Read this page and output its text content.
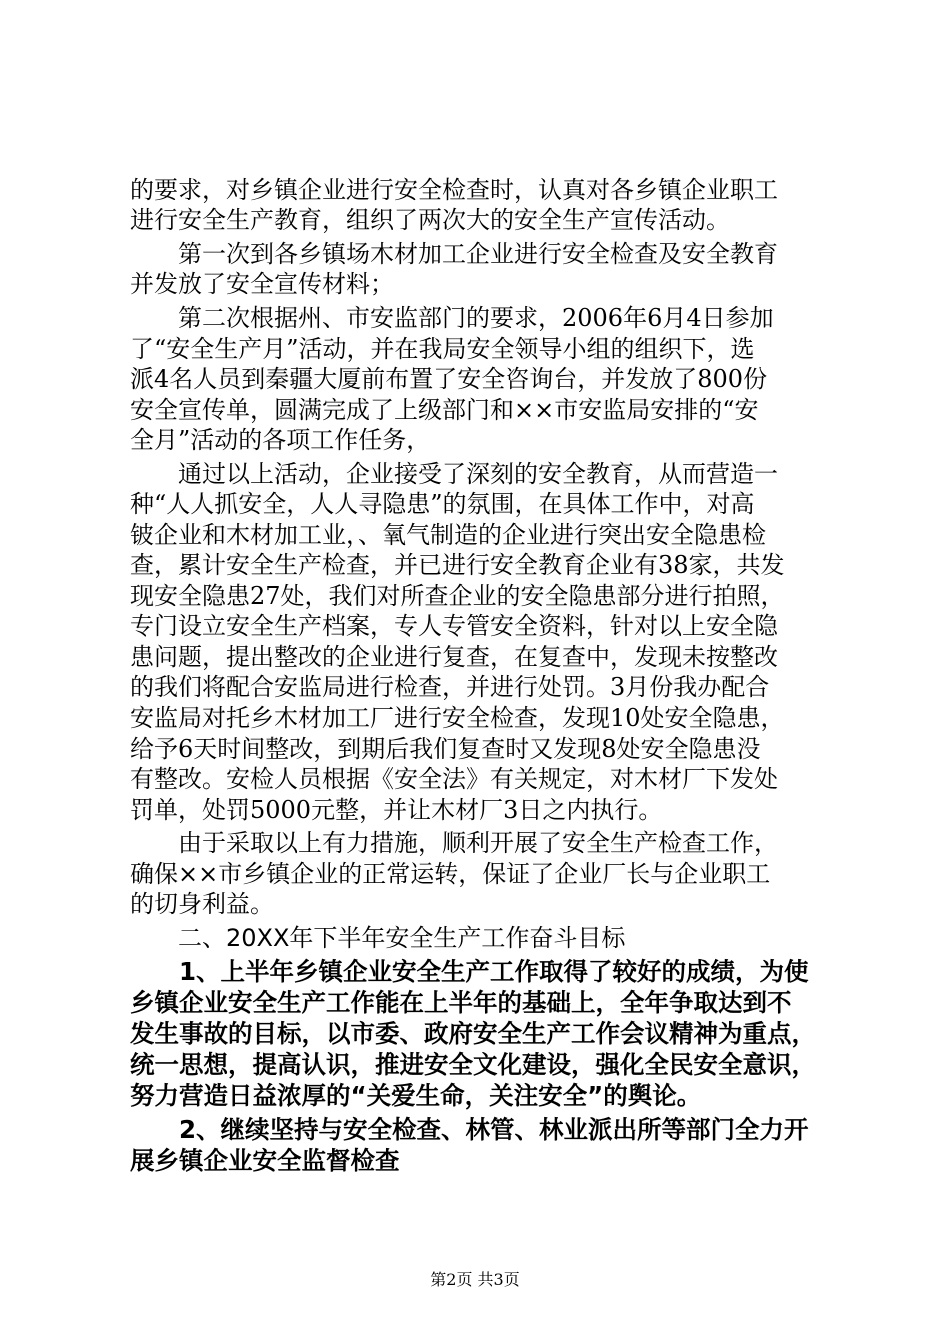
的要求，对乡镇企业进行安全检查时，认真对各乡镇企业职工
进行安全生产教育，组织了两次大的安全生产宣传活动。
　　第一次到各乡镇场木材加工企业进行安全检查及安全教育
并发放了安全宣传材料；
　　第二次根据州、市安监部门的要求，2006年6月4日参加
了“安全生产月”活动，并在我局安全领导小组的组织下，选
派4名人员到秦疆大厦前布置了安全咨询台，并发放了800份
安全宣传单，圆满完成了上级部门和××市安监局安排的“安
全月”活动的各项工作任务，
　　通过以上活动，企业接受了深刻的安全教育，从而营造一
种“人人抓安全，人人寻隐患”的氛围，在具体工作中，对高
铍企业和木材加工业，、氧气制造的企业进行突出安全隐患检
查，累计安全生产检查，并已进行安全教育企业有38家，共发
现安全隐患27处，我们对所查企业的安全隐患部分进行拍照，
专门设立安全生产档案，专人专管安全资料，针对以上安全隐
患问题，提出整改的企业进行复查，在复查中，发现未按整改
的我们将配合安监局进行检查，并进行处罚。3月份我办配合
安监局对托乡木材加工厂进行安全检查，发现10处安全隐患，
给予6天时间整改，到期后我们复查时又发现8处安全隐患没
有整改。安检人员根据《安全法》有关规定，对木材厂下发处
罚单，处罚5000元整，并让木材厂3日之内执行。
　　由于采取以上有力措施，顺利开展了安全生产检查工作，
确保××市乡镇企业的正常运转，保证了企业厂长与企业职工
的切身利益。
　　二、20XX年下半年安全生产工作奋斗目标
　　1、上半年乡镇企业安全生产工作取得了较好的成绩，为使
乡镇企业安全生产工作能在上半年的基础上，全年争取达到不
发生事故的目标，以市委、政府安全生产工作会议精神为重点，
统一思想，提高认识，推进安全文化建设，强化全民安全意识，
努力营造日益浓厚的“关爱生命，关注安全”的舆论。
　　2、继续坚持与安全检查、林管、林业派出所等部门全力开
展乡镇企业安全监督检查
第2页 共3页
